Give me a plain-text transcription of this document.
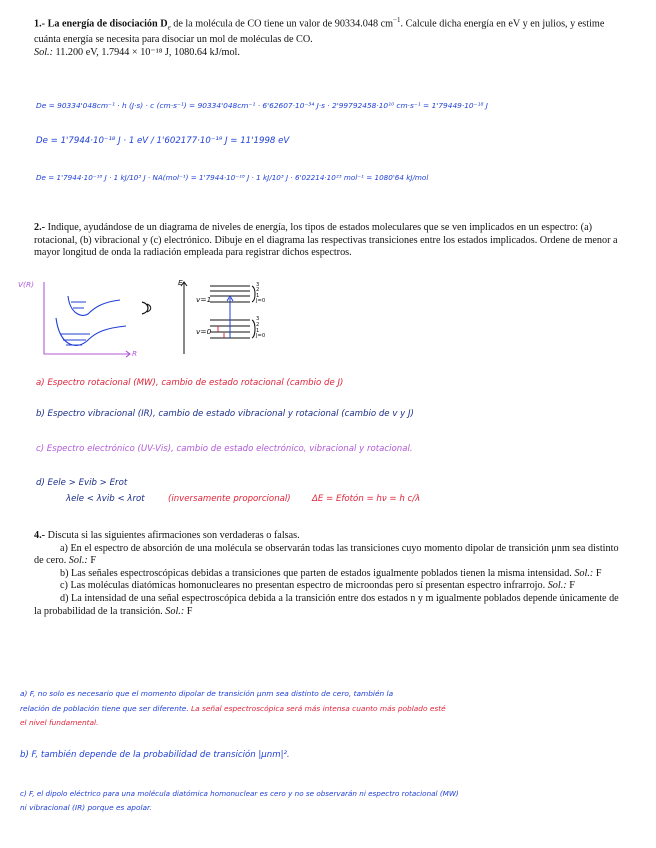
1.- La energía de disociación $D_e$ de la molécula de CO tiene un valor de 90334.048 $cm^{-1}$. Calcule dicha energía en eV y en julios, y estime cuánta energía se necesita para disociar un mol de moléculas de CO.

Sol.: 11.200 eV, 1.7944 × 10⁻¹⁸ J, 1080.64 kJ/mol.

De = 90334'048cm⁻¹ · h (J·s) · c (cm·s⁻¹) = 90334'048cm⁻¹ · 6'62607·10⁻³⁴ J·s · 2'99792458·10¹⁰ cm·s⁻¹ = 1'79449·10⁻¹⁸ J
De = 1'7944·10⁻¹⁸ J · 1 eV / 1'602177·10⁻¹⁹ J = 11'1998 eV
De = 1'7944·10⁻¹⁸ J · 1 kJ/10³ J · NA(mol⁻¹) = 1'7944·10⁻¹⁸ J · 1 kJ/10³ J · 6'02214·10²³ mol⁻¹ = 1080'64 kJ/mol

2.- Indique, ayudándose de un diagrama de niveles de energía, los tipos de estados moleculares que se ven implicados en un espectro: (a) rotacional, (b) vibracional y (c) electrónico. Dibuje en el diagrama las respectivas transiciones entre los estados implicados. Ordene de menor a mayor longitud de onda la radiación empleada para registrar dichos espectros.

V(R)
R
E
v=1
v=0
3
2
1
J=0
3
2
1
J=0
a) Espectro rotacional (MW), cambio de estado rotacional (cambio de J)
b) Espectro vibracional (IR), cambio de estado vibracional y rotacional (cambio de v y J)
c) Espectro electrónico (UV-Vis), cambio de estado electrónico, vibracional y rotacional.
d) Eele > Evib > Erot
λele < λvib < λrot	(inversamente proporcional) ΔE = Efotón = hν = h c/λ

4.- Discuta si las siguientes afirmaciones son verdaderas o falsas.

a) En el espectro de absorción de una molécula se observarán todas las transiciones cuyo momento dipolar de transición μnm sea distinto de cero. Sol.: F

b) Las señales espectroscópicas debidas a transiciones que parten de estados igualmente poblados tienen la misma intensidad. Sol.: F

c) Las moléculas diatómicas homonucleares no presentan espectro de microondas pero sí presentan espectro infrarrojo. Sol.: F

d) La intensidad de una señal espectroscópica debida a la transición entre dos estados n y m igualmente poblados depende únicamente de la probabilidad de la transición. Sol.: F

a) F, no solo es necesario que el momento dipolar de transición μnm sea distinto de cero, también la
relación de población tiene que ser diferente. La señal espectroscópica será más intensa cuanto más poblado esté
el nivel fundamental.
b) F, también depende de la probabilidad de transición |μnm|².
c) F, el dipolo eléctrico para una molécula diatómica homonuclear es cero y no se observarán ni espectro rotacional (MW)
ni vibracional (IR) porque es apolar.
